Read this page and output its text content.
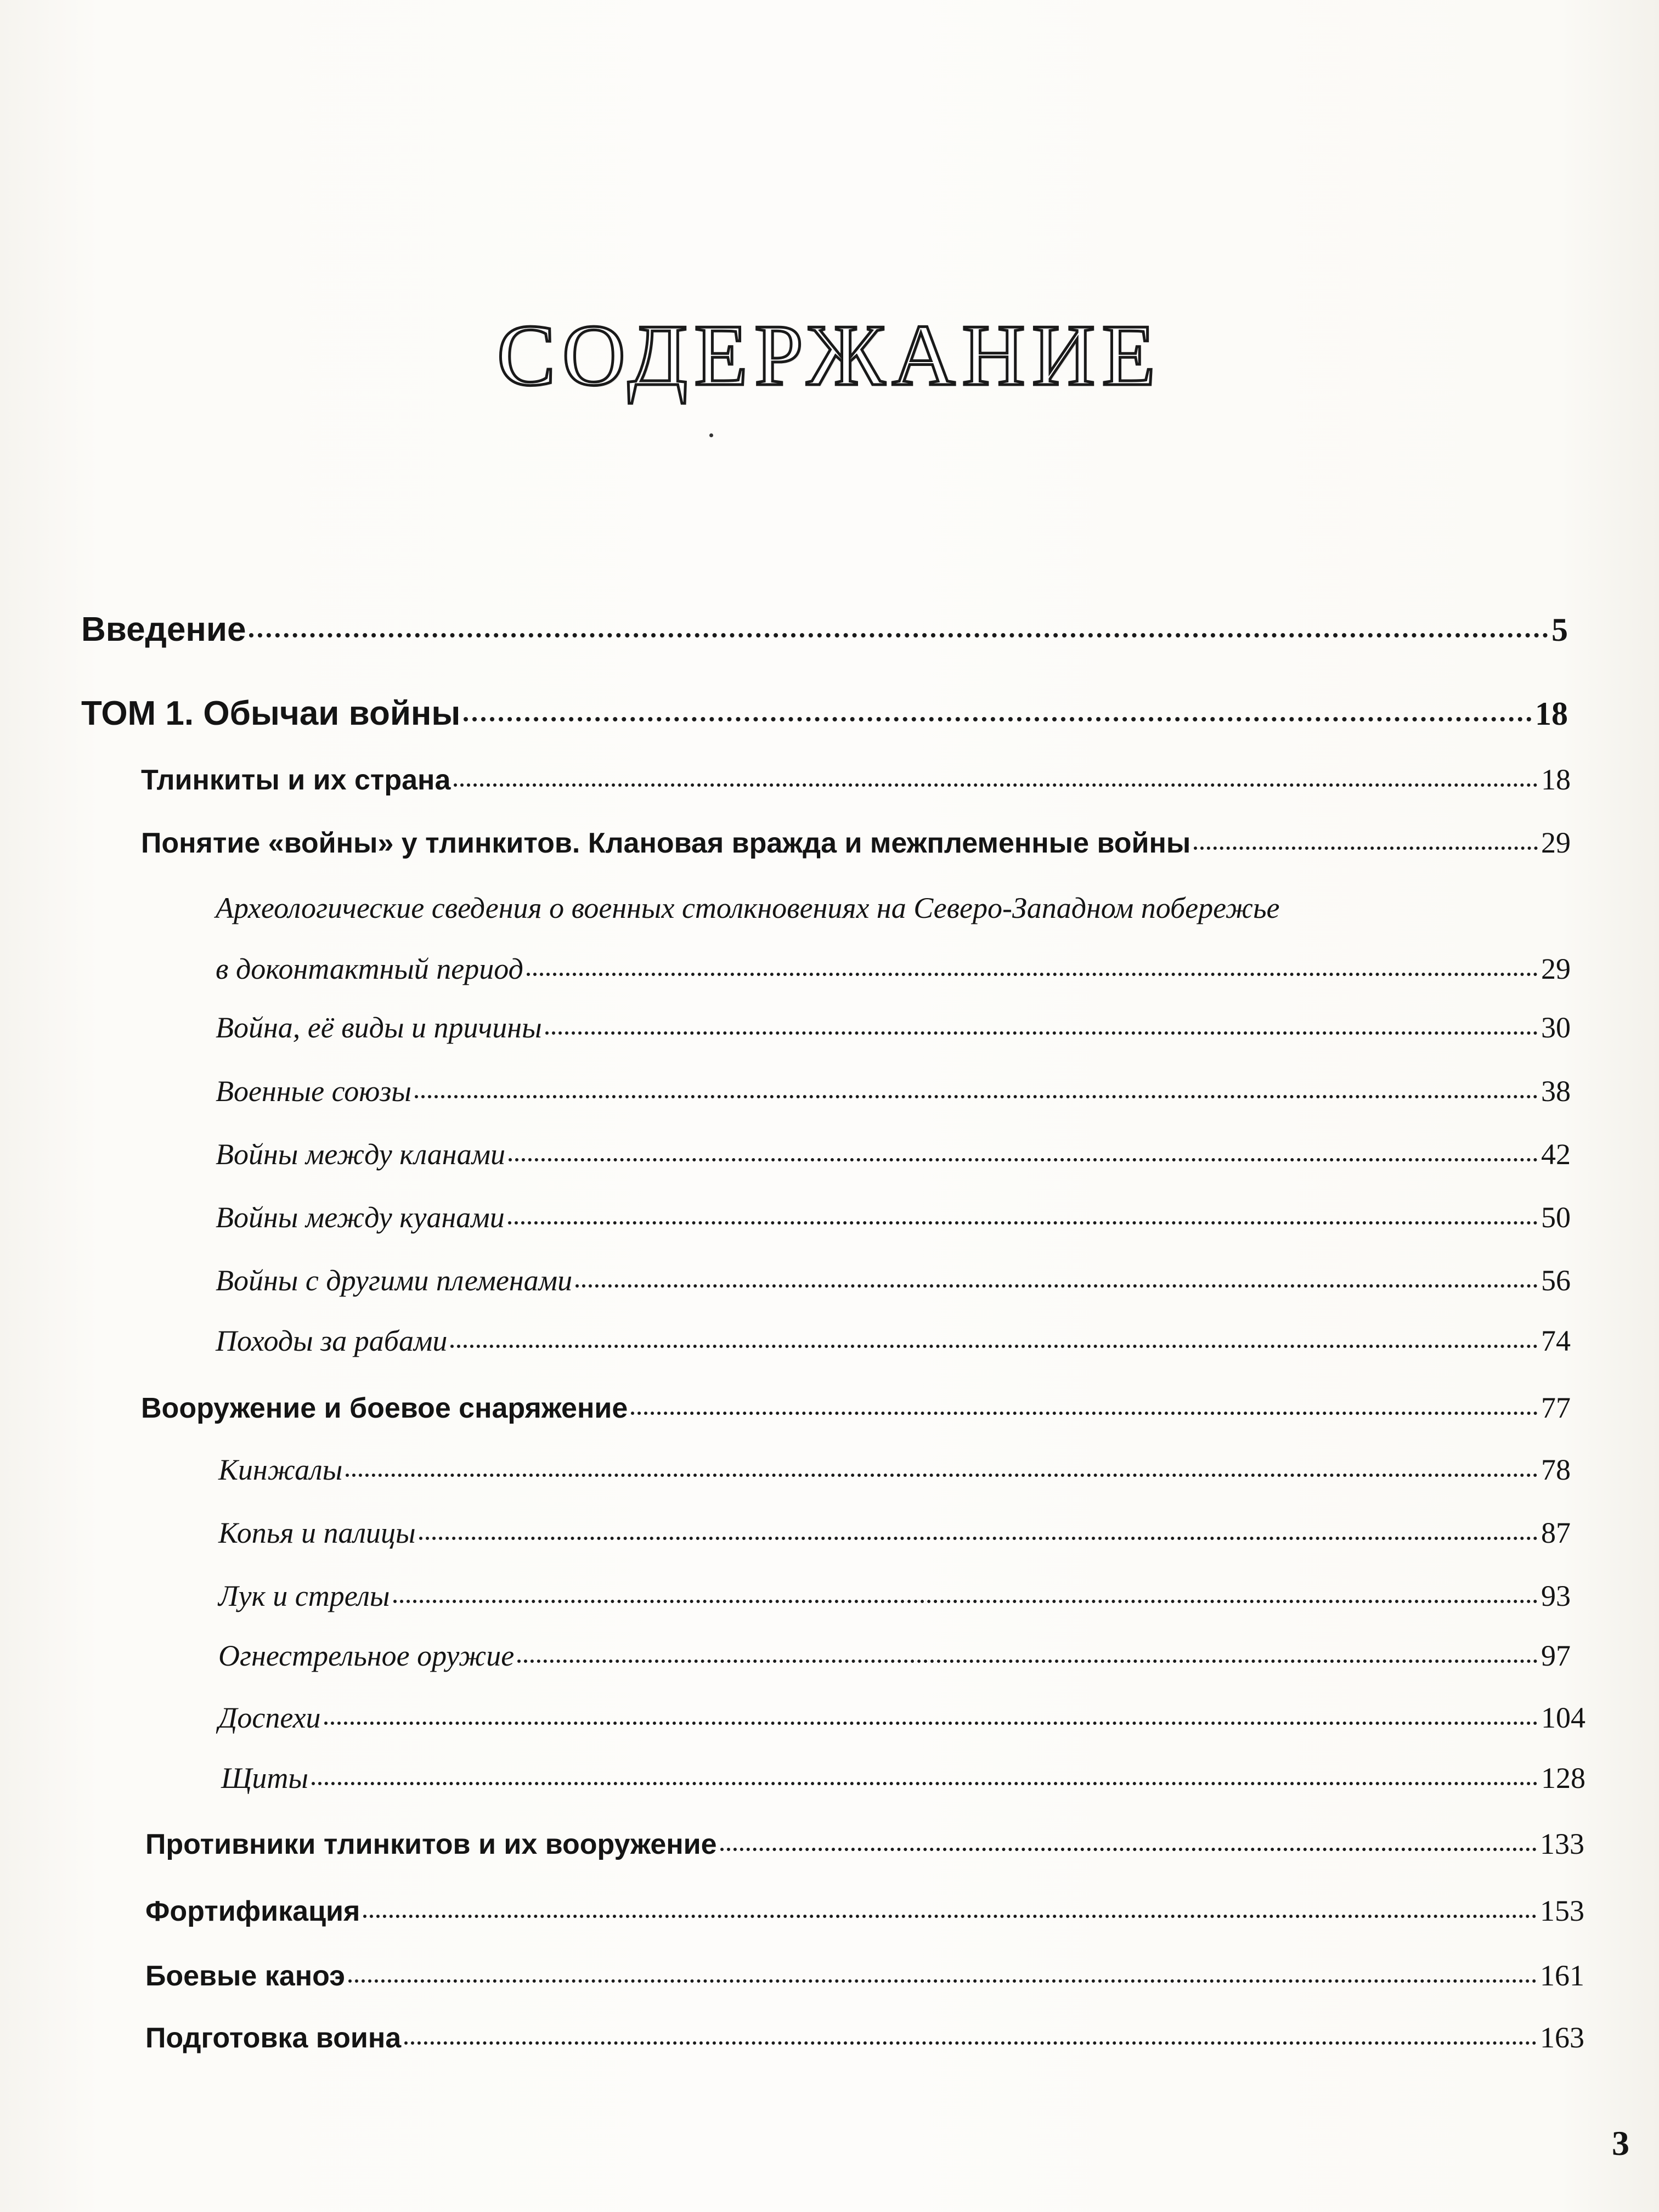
СОДЕРЖАНИЕ
Введение	5
ТОМ 1. Обычаи войны	18
Тлинкиты и их страна	18
Понятие «войны» у тлинкитов. Клановая вражда и межплеменные войны	29
Археологические сведения о военных столкновениях на Северо-Западном побережье
в доконтактный период	29
Война, её виды и причины	30
Военные союзы	38
Войны между кланами	42
Войны между куанами	50
Войны с другими племенами	56
Походы за рабами	74
Вооружение и боевое снаряжение	77
Кинжалы	78
Копья и палицы	87
Лук и стрелы	93
Огнестрельное оружие	97
Доспехи	104
Щиты	128
Противники тлинкитов и их вооружение	133
Фортификация	153
Боевые каноэ	161
Подготовка воина	163
3
